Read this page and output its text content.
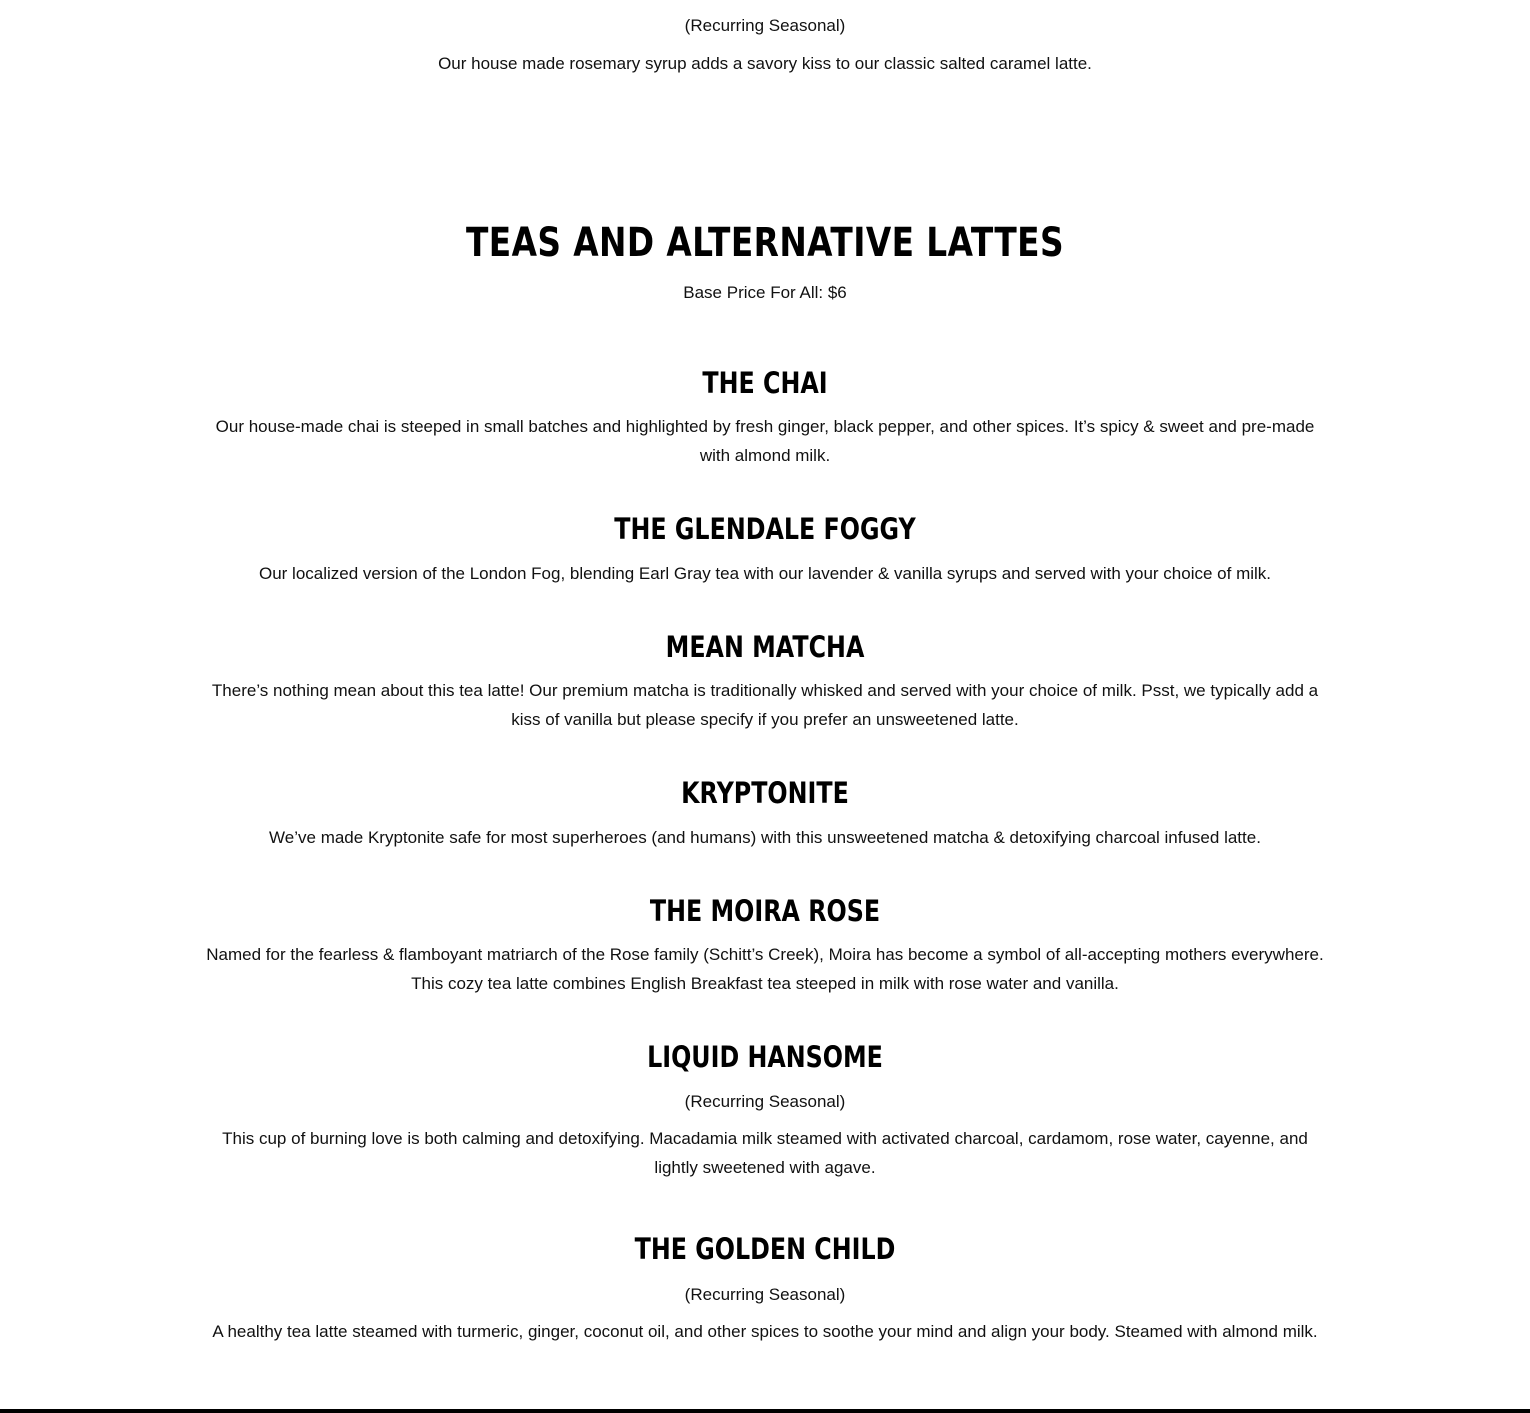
(Recurring Seasonal)

Our house made rosemary syrup adds a savory kiss to our classic salted caramel latte.

TEAS AND ALTERNATIVE LATTES

Base Price For All: $6

THE CHAI

Our house-made chai is steeped in small batches and highlighted by fresh ginger, black pepper, and other spices. It’s spicy & sweet and pre-made with almond milk.

THE GLENDALE FOGGY

Our localized version of the London Fog, blending Earl Gray tea with our lavender & vanilla syrups and served with your choice of milk.

MEAN MATCHA

There’s nothing mean about this tea latte! Our premium matcha is traditionally whisked and served with your choice of milk. Psst, we typically add a kiss of vanilla but please specify if you prefer an unsweetened latte.

KRYPTONITE

We’ve made Kryptonite safe for most superheroes (and humans) with this unsweetened matcha & detoxifying charcoal infused latte.

THE MOIRA ROSE

Named for the fearless & flamboyant matriarch of the Rose family (Schitt’s Creek), Moira has become a symbol of all-accepting mothers everywhere. This cozy tea latte combines English Breakfast tea steeped in milk with rose water and vanilla.

LIQUID HANSOME

(Recurring Seasonal)

This cup of burning love is both calming and detoxifying. Macadamia milk steamed with activated charcoal, cardamom, rose water, cayenne, and lightly sweetened with agave.

THE GOLDEN CHILD

(Recurring Seasonal)

A healthy tea latte steamed with turmeric, ginger, coconut oil, and other spices to soothe your mind and align your body. Steamed with almond milk.
